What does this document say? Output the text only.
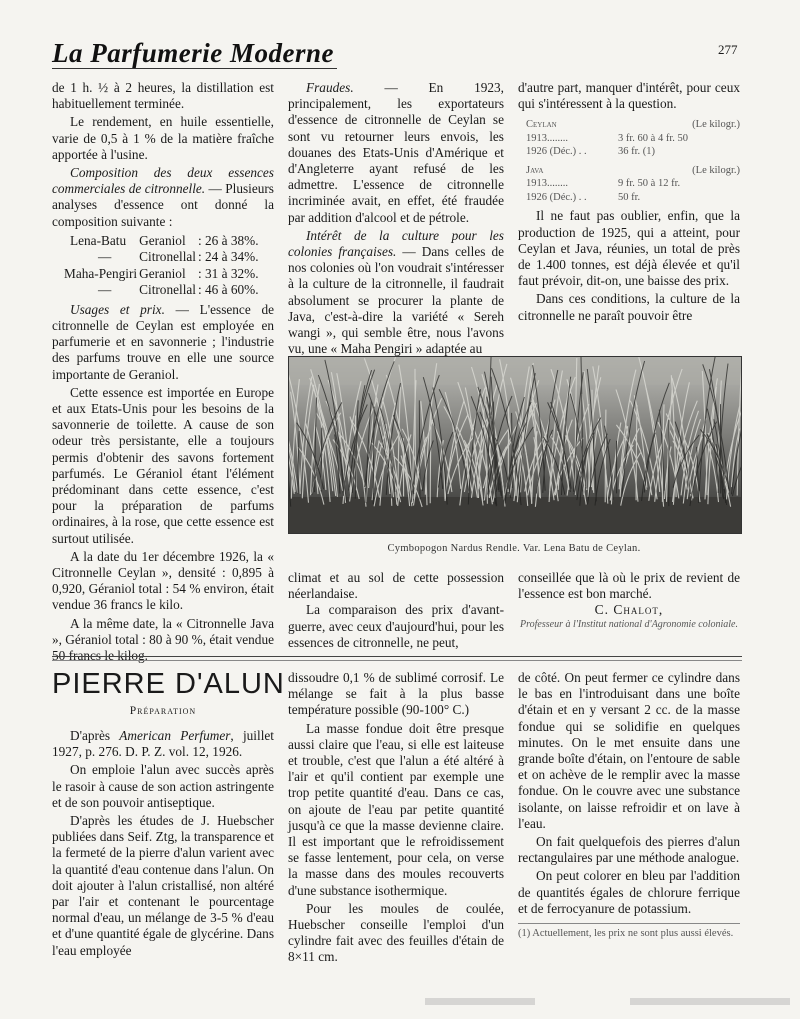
La Parfumerie Moderne	277

de 1 h. ½ à 2 heures, la distillation est habituellement terminée.

Le rendement, en huile essentielle, varie de 0,5 à 1 % de la matière fraîche apportée à l'usine.

Composition des deux essences commerciales de citronnelle. — Plusieurs analyses d'essence ont donné la composition suivante :

Lena-Batu	Geraniol	: 26 à 38%.
—	Citronellal	: 24 à 34%.
Maha-Pengiri	Geraniol	: 31 à 32%.
—	Citronellal	: 46 à 60%.

Usages et prix. — L'essence de citronnelle de Ceylan est employée en parfumerie et en savonnerie ; l'industrie des parfums trouve en elle une source importante de Geraniol.

Cette essence est importée en Europe et aux Etats-Unis pour les besoins de la savonnerie de toilette. A cause de son odeur très persistante, elle a toujours permis d'obtenir des savons fortement parfumés. Le Géraniol étant l'élément prédominant dans cette essence, c'est pour la préparation de parfums ordinaires, à la rose, que cette essence est surtout utilisée.

A la date du 1er décembre 1926, la « Citronnelle Ceylan », densité : 0,895 à 0,920, Géraniol total : 54 % environ, était vendue 36 francs le kilo.

A la même date, la « Citronnelle Java », Géraniol total : 80 à 90 %, était vendue 50 francs le kilog.

Fraudes. — En 1923, principalement, les exportateurs d'essence de citronnelle de Ceylan se sont vu retourner leurs envois, les douanes des Etats-Unis d'Amérique et d'Angleterre ayant refusé de les admettre. L'essence de citronnelle incriminée avait, en effet, été fraudée par addition d'alcool et de pétrole.

Intérêt de la culture pour les colonies françaises. — Dans celles de nos colonies où l'on voudrait s'intéresser à la culture de la citronnelle, il faudrait absolument se procurer la plante de Java, c'est-à-dire la variété « Sereh wangi », qui semble être, nous l'avons vu, une « Maha Pengiri » adaptée au

d'autre part, manquer d'intérêt, pour ceux qui s'intéressent à la question.

Ceylan	(Le kilogr.)
1913........	3 fr. 60 à 4 fr. 50
1926 (Déc.) . .	36 fr. (1)
Java	(Le kilogr.)
1913........	9 fr. 50 à 12 fr.
1926 (Déc.) . .	50 fr.

Il ne faut pas oublier, enfin, que la production de 1925, qui a atteint, pour Ceylan et Java, réunies, un total de près de 1.400 tonnes, est déjà élevée et qu'il faut prévoir, dit-on, une baisse des prix.

Dans ces conditions, la culture de la citronnelle ne paraît pouvoir être

Cymbopogon Nardus Rendle. Var. Lena Batu de Ceylan.

climat et au sol de cette possession néerlandaise.

La comparaison des prix d'avant-guerre, avec ceux d'aujourd'hui, pour les essences de citronnelle, ne peut,

conseillée que là où le prix de revient de l'essence est bon marché.

C. Chalot,
Professeur à l'Institut national d'Agronomie coloniale.
PIERRE D'ALUN
Préparation

D'après American Perfumer, juillet 1927, p. 276. D. P. Z. vol. 12, 1926.

On emploie l'alun avec succès après le rasoir à cause de son action astringente et de son pouvoir antiseptique.

D'après les études de J. Huebscher publiées dans Seif. Ztg, la transparence et la fermeté de la pierre d'alun varient avec la quantité d'eau contenue dans l'alun. On doit ajouter à l'alun cristallisé, non altéré par l'air et contenant le pourcentage normal d'eau, un mélange de 3-5 % d'eau et d'une quantité égale de glycérine. Dans l'eau employée

dissoudre 0,1 % de sublimé corrosif. Le mélange se fait à la plus basse température possible (90-100° C.)

La masse fondue doit être presque aussi claire que l'eau, si elle est laiteuse et trouble, c'est que l'alun a été altéré à l'air et qu'il contient par exemple une trop petite quantité d'eau. Dans ce cas, on ajoute de l'eau par petite quantité jusqu'à ce que la masse devienne claire. Il est important que le refroidissement se fasse lentement, pour cela, on verse la masse dans des moules recouverts d'une substance isothermique.

Pour les moules de coulée, Huebscher conseille l'emploi d'un cylindre fait avec des feuilles d'étain de 8×11 cm.

de côté. On peut fermer ce cylindre dans le bas en l'introduisant dans une boîte d'étain et en y versant 2 cc. de la masse fondue qui se solidifie en quelques minutes. On le met ensuite dans une grande boîte d'étain, on l'entoure de sable et on achève de le remplir avec la masse fondue. On le couvre avec une substance isolante, on laisse refroidir et on lave à l'eau.

On fait quelquefois des pierres d'alun rectangulaires par une méthode analogue.

On peut colorer en bleu par l'addition de quantités égales de chlorure ferrique et de ferrocyanure de potassium.

(1) Actuellement, les prix ne sont plus aussi élevés.
